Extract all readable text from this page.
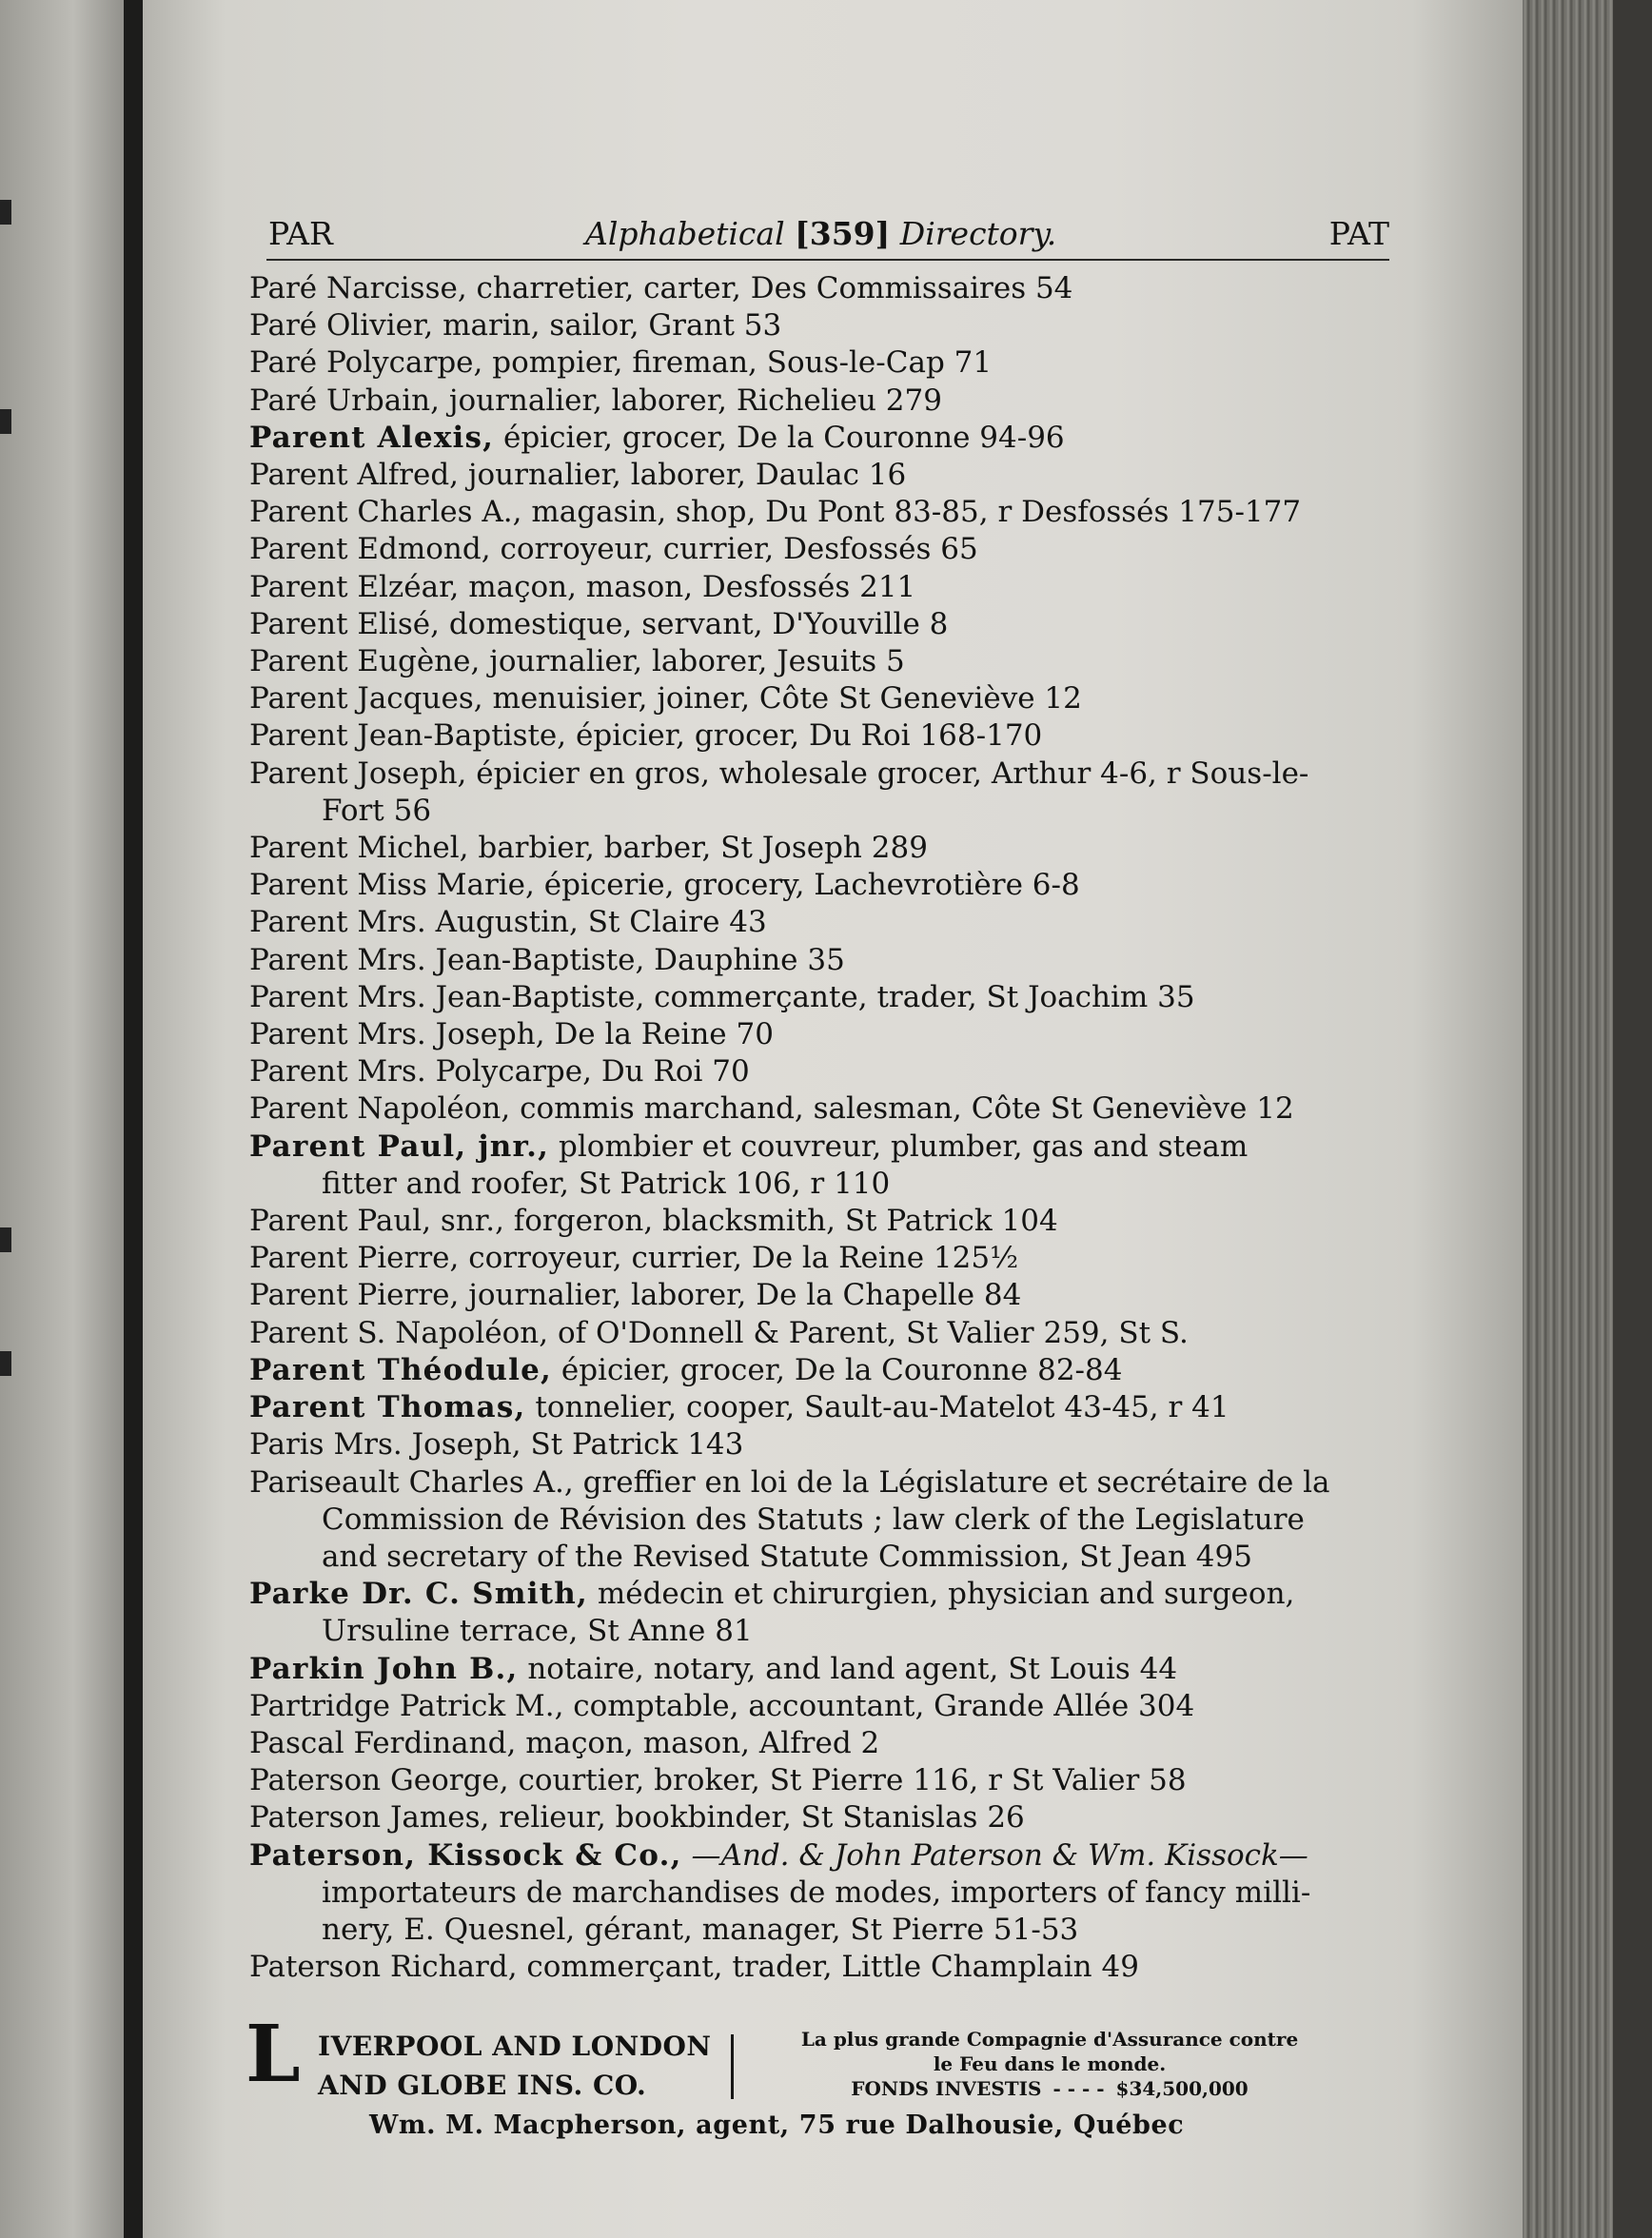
PAR	Alphabetical [359] Directory.	PAT
Paré Narcisse, charretier, carter, Des Commissaires 54
Paré Olivier, marin, sailor, Grant 53
Paré Polycarpe, pompier, fireman, Sous-le-Cap 71
Paré Urbain, journalier, laborer, Richelieu 279
Parent Alexis, épicier, grocer, De la Couronne 94-96
Parent Alfred, journalier, laborer, Daulac 16
Parent Charles A., magasin, shop, Du Pont 83-85, r Desfossés 175-177
Parent Edmond, corroyeur, currier, Desfossés 65
Parent Elzéar, maçon, mason, Desfossés 211
Parent Elisé, domestique, servant, D'Youville 8
Parent Eugène, journalier, laborer, Jesuits 5
Parent Jacques, menuisier, joiner, Côte St Geneviève 12
Parent Jean-Baptiste, épicier, grocer, Du Roi 168-170
Parent Joseph, épicier en gros, wholesale grocer, Arthur 4-6, r Sous-le-
Fort 56
Parent Michel, barbier, barber, St Joseph 289
Parent Miss Marie, épicerie, grocery, Lachevrotière 6-8
Parent Mrs. Augustin, St Claire 43
Parent Mrs. Jean-Baptiste, Dauphine 35
Parent Mrs. Jean-Baptiste, commerçante, trader, St Joachim 35
Parent Mrs. Joseph, De la Reine 70
Parent Mrs. Polycarpe, Du Roi 70
Parent Napoléon, commis marchand, salesman, Côte St Geneviève 12
Parent Paul, jnr., plombier et couvreur, plumber, gas and steam
fitter and roofer, St Patrick 106, r 110
Parent Paul, snr., forgeron, blacksmith, St Patrick 104
Parent Pierre, corroyeur, currier, De la Reine 125½
Parent Pierre, journalier, laborer, De la Chapelle 84
Parent S. Napoléon, of O'Donnell & Parent, St Valier 259, St S.
Parent Théodule, épicier, grocer, De la Couronne 82-84
Parent Thomas, tonnelier, cooper, Sault-au-Matelot 43-45, r 41
Paris Mrs. Joseph, St Patrick 143
Pariseault Charles A., greffier en loi de la Législature et secrétaire de la
Commission de Révision des Statuts ; law clerk of the Legislature
and secretary of the Revised Statute Commission, St Jean 495
Parke Dr. C. Smith, médecin et chirurgien, physician and surgeon,
Ursuline terrace, St Anne 81
Parkin John B., notaire, notary, and land agent, St Louis 44
Partridge Patrick M., comptable, accountant, Grande Allée 304
Pascal Ferdinand, maçon, mason, Alfred 2
Paterson George, courtier, broker, St Pierre 116, r St Valier 58
Paterson James, relieur, bookbinder, St Stanislas 26
Paterson, Kissock & Co., —And. & John Paterson & Wm. Kissock—
importateurs de marchandises de modes, importers of fancy milli-
nery, E. Quesnel, gérant, manager, St Pierre 51-53
Paterson Richard, commerçant, trader, Little Champlain 49
L IVERPOOL AND LONDON
AND GLOBE INS. CO.
La plus grande Compagnie d'Assurance contre
le Feu dans le monde.
FONDS INVESTIS - - - - $34,500,000
Wm. M. Macpherson, agent, 75 rue Dalhousie, Québec
